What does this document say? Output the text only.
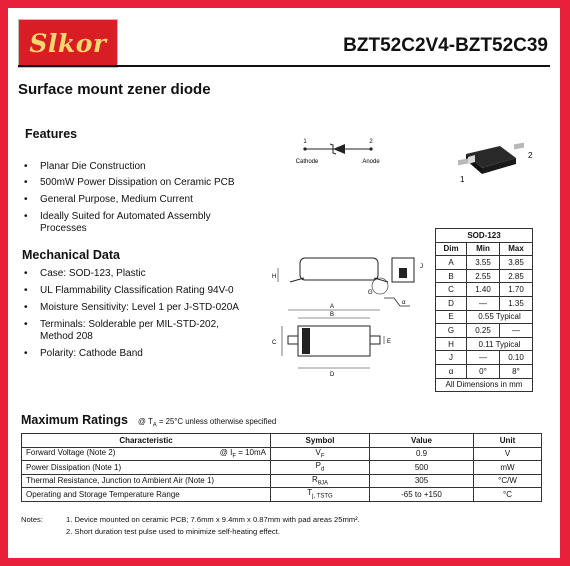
Slkor	BZT52C2V4-BZT52C39
Surface mount zener diode
Features
• Planar Die Construction
• 500mW Power Dissipation on Ceramic PCB
• General Purpose, Medium Current
• Ideally Suited for Automated Assembly
Processes
Mechanical Data
• Case: SOD-123, Plastic
• UL Flammability Classification Rating 94V-0
• Moisture Sensitivity: Level 1 per J-STD-020A
• Terminals: Solderable per MIL-STD-202,
Method 208
• Polarity: Cathode Band
1	2
Cathode	Anode
1
2
H
G
J
α
A
B
C	E
D
SOD-123		
Dim	Min	Max
A	3.55	3.85
B	2.55	2.85
C	1.40	1.70
D	—	1.35
E	0.55 Typical	
G	0.25	—
H	0.11 Typical	
J	—	0.10
α	0°	8°
All Dimensions in mm		
Maximum Ratings @ $T_A = 25^\circ C$ unless otherwise specified
Characteristic	Symbol	Value	Unit
Forward Voltage (Note 2) @ $I_F = 10mA$	$V_F$	0.9	V
Power Dissipation (Note 1)	$P_d$	500	mW
Thermal Resistance, Junction to Ambient Air (Note 1)	$R_{\theta JA}$	305	°C/W
Operating and Storage Temperature Range	$T_{j, TSTG}$	-65 to +150	°C
Notes:	1. Device mounted on ceramic PCB; 7.6mm x 9.4mm x 0.87mm with pad areas 25mm².

2. Short duration test pulse used to minimize self-heating effect.
